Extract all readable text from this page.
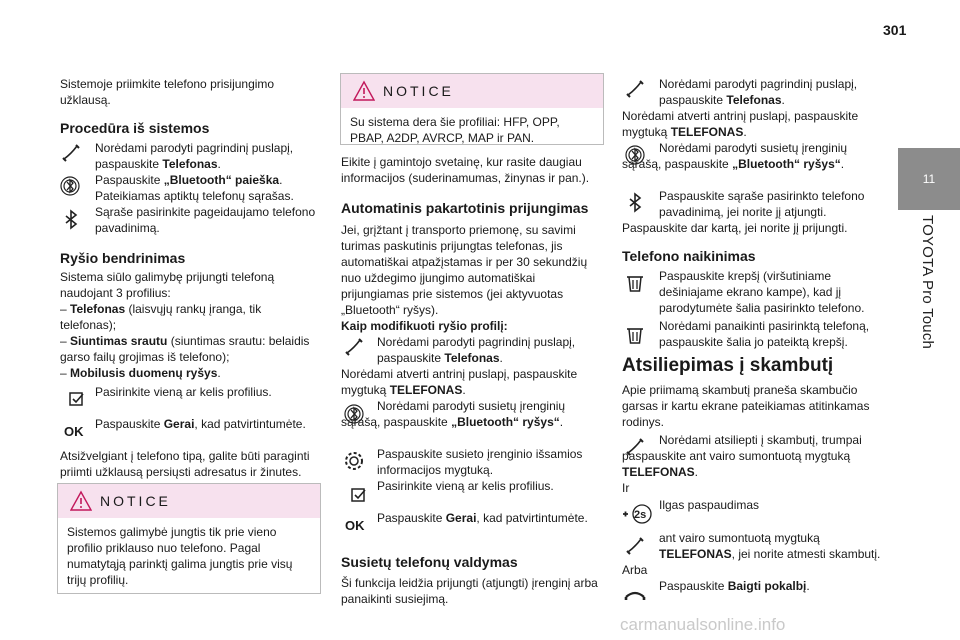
301
11
TOYOTA Pro Touch
Sistemoje priimkite telefono prisijungimo užklausą.
Procedūra iš sistemos
Norėdami parodyti pagrindinį puslapį, paspauskite Telefonas.
Paspauskite „Bluetooth“ paieška.
Pateikiamas aptiktų telefonų sąrašas.
Sąraše pasirinkite pageidaujamo telefono pavadinimą.
Ryšio bendrinimas
Sistema siūlo galimybę prijungti telefoną naudojant 3 profilius:
– Telefonas (laisvųjų rankų įranga, tik telefonas);
– Siuntimas srautu (siuntimas srautu: belaidis garso failų grojimas iš telefono);
– Mobilusis duomenų ryšys.
Pasirinkite vieną ar kelis profilius.
OK Paspauskite Gerai, kad patvirtintumėte.
Atsižvelgiant į telefono tipą, galite būti paraginti priimti užklausą persiųsti adresatus ir žinutes.
NOTICE
Sistemos galimybė jungtis tik prie vieno profilio priklauso nuo telefono. Pagal numatytąją parinktį galima jungtis prie visų trijų profilių.
NOTICE
Su sistema dera šie profiliai: HFP, OPP, PBAP, A2DP, AVRCP, MAP ir PAN.
Eikite į gamintojo svetainę, kur rasite daugiau informacijos (suderinamumas, žinynas ir pan.).
Automatinis pakartotinis prijungimas
Jei, grįžtant į transporto priemonę, su savimi turimas paskutinis prijungtas telefonas, jis automatiškai atpažįstamas ir per 30 sekundžių nuo uždegimo įjungimo automatiškai prijungiamas prie sistemos (jei aktyvuotas „Bluetooth“ ryšys).
Kaip modifikuoti ryšio profilį:
Norėdami parodyti pagrindinį puslapį, paspauskite Telefonas.
Norėdami atverti antrinį puslapį, paspauskite mygtuką TELEFONAS.
Norėdami parodyti susietų įrenginių sąrašą, paspauskite „Bluetooth“ ryšys“.
Paspauskite susieto įrenginio išsamios informacijos mygtuką.
Pasirinkite vieną ar kelis profilius.
OK Paspauskite Gerai, kad patvirtintumėte.
Susietų telefonų valdymas
Ši funkcija leidžia prijungti (atjungti) įrenginį arba panaikinti susiejimą.
Norėdami parodyti pagrindinį puslapį, paspauskite Telefonas.
Norėdami atverti antrinį puslapį, paspauskite mygtuką TELEFONAS.
Norėdami parodyti susietų įrenginių sąrašą, paspauskite „Bluetooth“ ryšys“.
Paspauskite sąraše pasirinkto telefono pavadinimą, jei norite jį atjungti.
Paspauskite dar kartą, jei norite jį prijungti.
Telefono naikinimas
Paspauskite krepšį (viršutiniame dešiniajame ekrano kampe), kad jį parodytumėte šalia pasirinkto telefono.
Norėdami panaikinti pasirinktą telefoną, paspauskite šalia jo pateiktą krepšį.
Atsiliepimas į skambutį
Apie priimamą skambutį praneša skambučio garsas ir kartu ekrane pateikiamas atitinkamas rodinys.
Norėdami atsiliepti į skambutį, trumpai paspauskite ant vairo sumontuotą mygtuką TELEFONAS.
Ir
2s
Ilgas paspaudimas
ant vairo sumontuotą mygtuką TELEFONAS, jei norite atmesti skambutį.
Arba
Paspauskite Baigti pokalbį.
carmanualsonline.info
